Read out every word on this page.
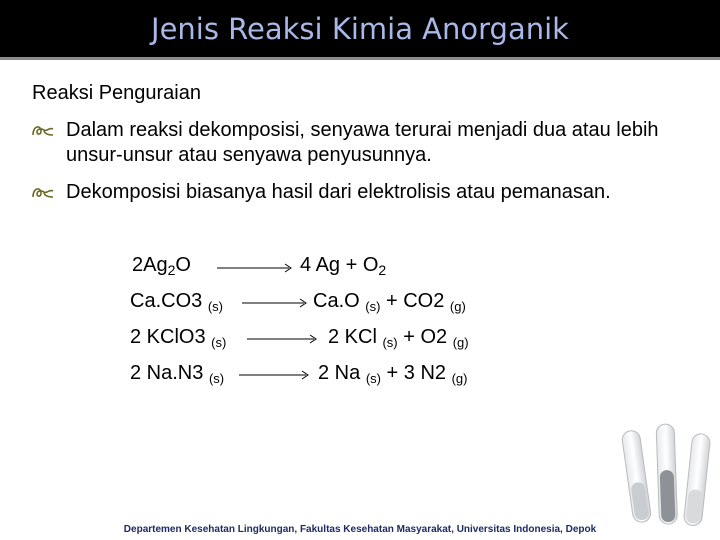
Jenis Reaksi Kimia Anorganik
Reaksi Penguraian
Dalam reaksi dekomposisi, senyawa terurai menjadi dua atau lebih unsur-unsur atau senyawa penyusunnya.
Dekomposisi biasanya hasil dari elektrolisis atau pemanasan.
$2Ag_2O$	4 $Ag + O_2$
Ca.CO3 $_{(s)}$	Ca.O $_{(s)}$ + CO2 $_{(g)}$
2 KClO3 $_{(s)}$	2 KCl $_{(s)}$ + O2 $_{(g)}$
2 Na.N3 $_{(s)}$	2 Na $_{(s)}$ + 3 N2 $_{(g)}$
Departemen Kesehatan Lingkungan, Fakultas Kesehatan Masyarakat, Universitas Indonesia, Depok
